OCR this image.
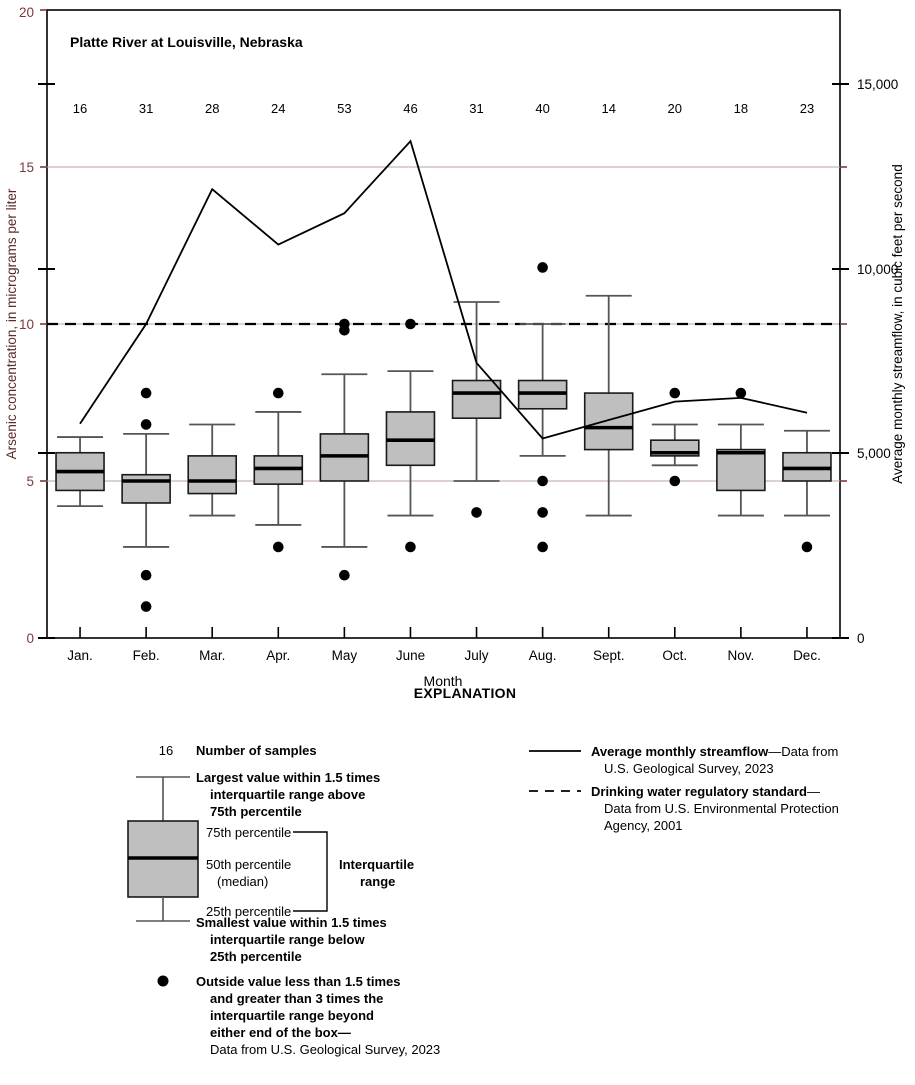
0
5
10
15
20
0
5,000
10,000
15,000
Arsenic concentration, in micrograms per liter	Average monthly streamflow, in cubic feet per second
Month
Platte River at Louisville, Nebraska
Jan.	Feb.	Mar.	Apr.	May	June	July	Aug.	Sept.	Oct.	Nov.	Dec.
16	31	28	24	53	46	31	40	14	20	18	23
EXPLANATION
16 Number of samples
Largest value within 1.5 times
interquartile range above
75th percentile
75th percentile
50th percentile
(median)
25th percentile
Interquartile
range
Smallest value within 1.5 times
interquartile range below
25th percentile
Outside value less than 1.5 times
and greater than 3 times the
interquartile range beyond
either end of the box—
Data from U.S. Geological Survey, 2023
Average monthly streamflow—Data from
U.S. Geological Survey, 2023
Drinking water regulatory standard—
Data from U.S. Environmental Protection
Agency, 2001
